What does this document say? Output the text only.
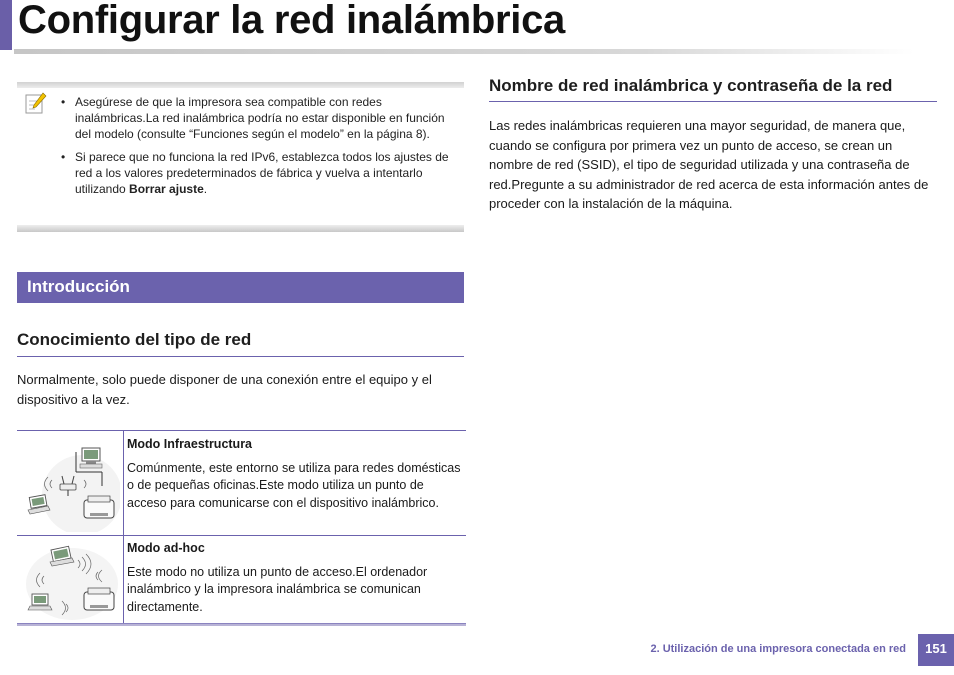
Configurar la red inalámbrica
• Asegúrese de que la impresora sea compatible con redes inalámbricas.La red inalámbrica podría no estar disponible en función del modelo (consulte “Funciones según el modelo” en la página 8).
• Si parece que no funciona la red IPv6, establezca todos los ajustes de red a los valores predeterminados de fábrica y vuelva a intentarlo utilizando Borrar ajuste.
Introducción
Conocimiento del tipo de red

Normalmente, solo puede disponer de una conexión entre el equipo y el dispositivo a la vez.

Modo Infraestructura
Comúnmente, este entorno se utiliza para redes domésticas o de pequeñas oficinas.Este modo utiliza un punto de acceso para comunicarse con el dispositivo inalámbrico.
Modo ad-hoc
Este modo no utiliza un punto de acceso.El ordenador inalámbrico y la impresora inalámbrica se comunican directamente.
Nombre de red inalámbrica y contraseña de la red

Las redes inalámbricas requieren una mayor seguridad, de manera que, cuando se configura por primera vez un punto de acceso, se crean un nombre de red (SSID), el tipo de seguridad utilizada y una contraseña de red.Pregunte a su administrador de red acerca de esta información antes de proceder con la instalación de la máquina.

2. Utilización de una impresora conectada en red	151
